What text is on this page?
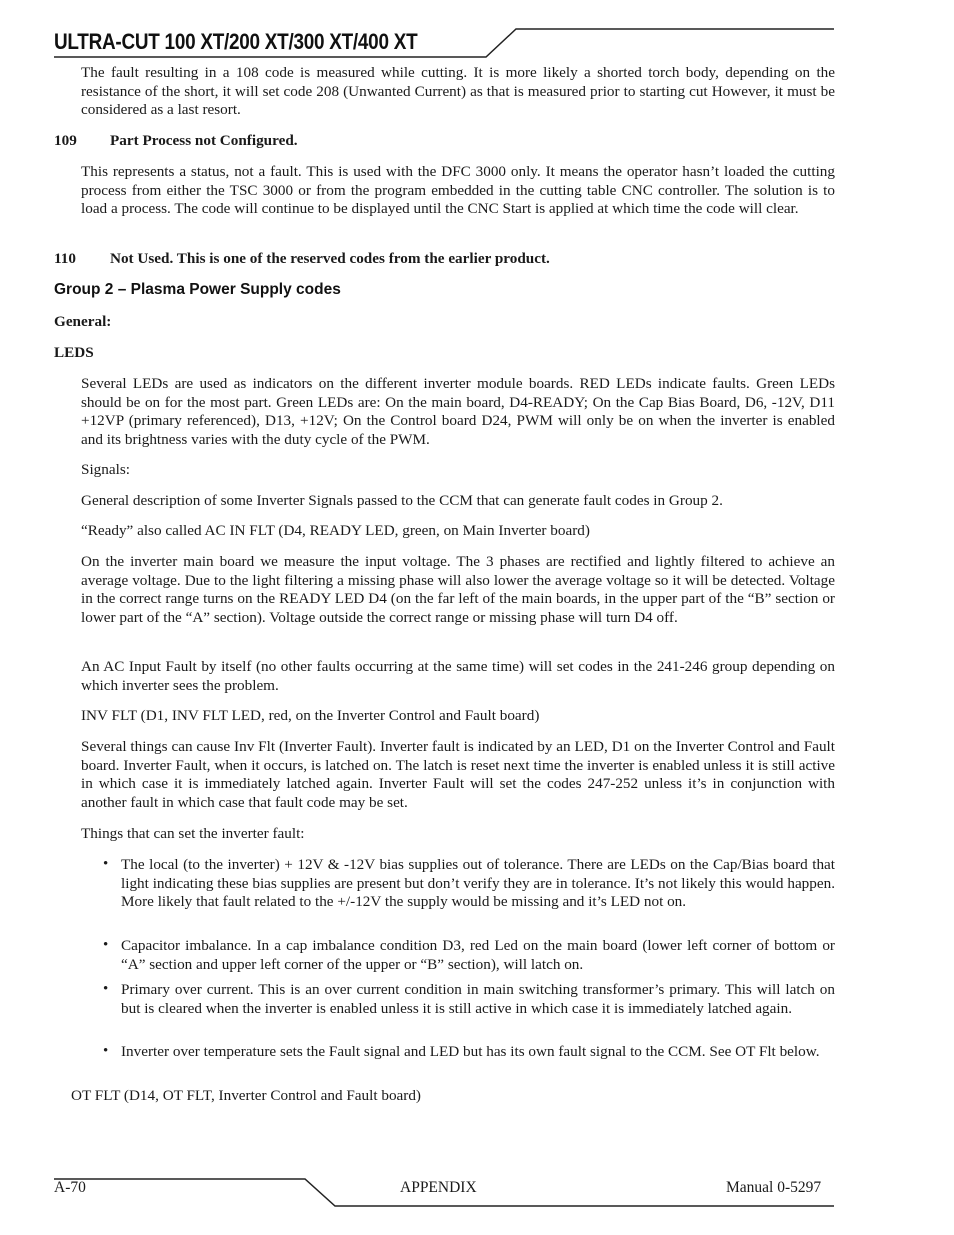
ULTRA-CUT 100 XT/200 XT/300 XT/400 XT

The fault resulting in a 108 code is measured while cutting. It is more likely a shorted torch body, depending on the resistance of the short, it will set code 208 (Unwanted Current) as that is measured prior to starting cut However, it must be considered as a last resort.

109 Part Process not Configured.

This represents a status, not a fault. This is used with the DFC 3000 only. It means the operator hasn’t loaded the cutting process from either the TSC 3000 or from the program embedded in the cutting table CNC controller. The solution is to load a process. The code will continue to be displayed until the CNC Start is applied at which time the code will clear.

110 Not Used. This is one of the reserved codes from the earlier product.

Group 2 – Plasma Power Supply codes

General:

LEDS

Several LEDs are used as indicators on the different inverter module boards. RED LEDs indicate faults. Green LEDs should be on for the most part. Green LEDs are: On the main board, D4-READY; On the Cap Bias Board, D6, -12V, D11 +12VP (primary referenced), D13, +12V; On the Control board D24, PWM will only be on when the inverter is enabled and its brightness varies with the duty cycle of the PWM.

Signals:

General description of some Inverter Signals passed to the CCM that can generate fault codes in Group 2.

“Ready” also called AC IN FLT (D4, READY LED, green, on Main Inverter board)

On the inverter main board we measure the input voltage. The 3 phases are rectified and lightly filtered to achieve an average voltage. Due to the light filtering a missing phase will also lower the average voltage so it will be detected. Voltage in the correct range turns on the READY LED D4 (on the far left of the main boards, in the upper part of the “B” section or lower part of the “A” section). Voltage outside the correct range or missing phase will turn D4 off.

An AC Input Fault by itself (no other faults occurring at the same time) will set codes in the 241-246 group depending on which inverter sees the problem.

INV FLT (D1, INV FLT LED, red, on the Inverter Control and Fault board)

Several things can cause Inv Flt (Inverter Fault). Inverter fault is indicated by an LED, D1 on the Inverter Control and Fault board. Inverter Fault, when it occurs, is latched on. The latch is reset next time the inverter is enabled unless it is still active in which case it is immediately latched again. Inverter Fault will set the codes 247-252 unless it’s in conjunction with another fault in which case that fault code may be set.

Things that can set the inverter fault:

• The local (to the inverter) + 12V & -12V bias supplies out of tolerance. There are LEDs on the Cap/Bias board that light indicating these bias supplies are present but don’t verify they are in tolerance. It’s not likely this would happen. More likely that fault related to the +/-12V the supply would be missing and it’s LED not on.

• Capacitor imbalance. In a cap imbalance condition D3, red Led on the main board (lower left corner of bottom or “A” section and upper left corner of the upper or “B” section), will latch on.

• Primary over current. This is an over current condition in main switching transformer’s primary. This will latch on but is cleared when the inverter is enabled unless it is still active in which case it is immediately latched again.

• Inverter over temperature sets the Fault signal and LED but has its own fault signal to the CCM. See OT Flt below.

OT FLT (D14, OT FLT, Inverter Control and Fault board)

A-70	APPENDIX	Manual 0-5297
